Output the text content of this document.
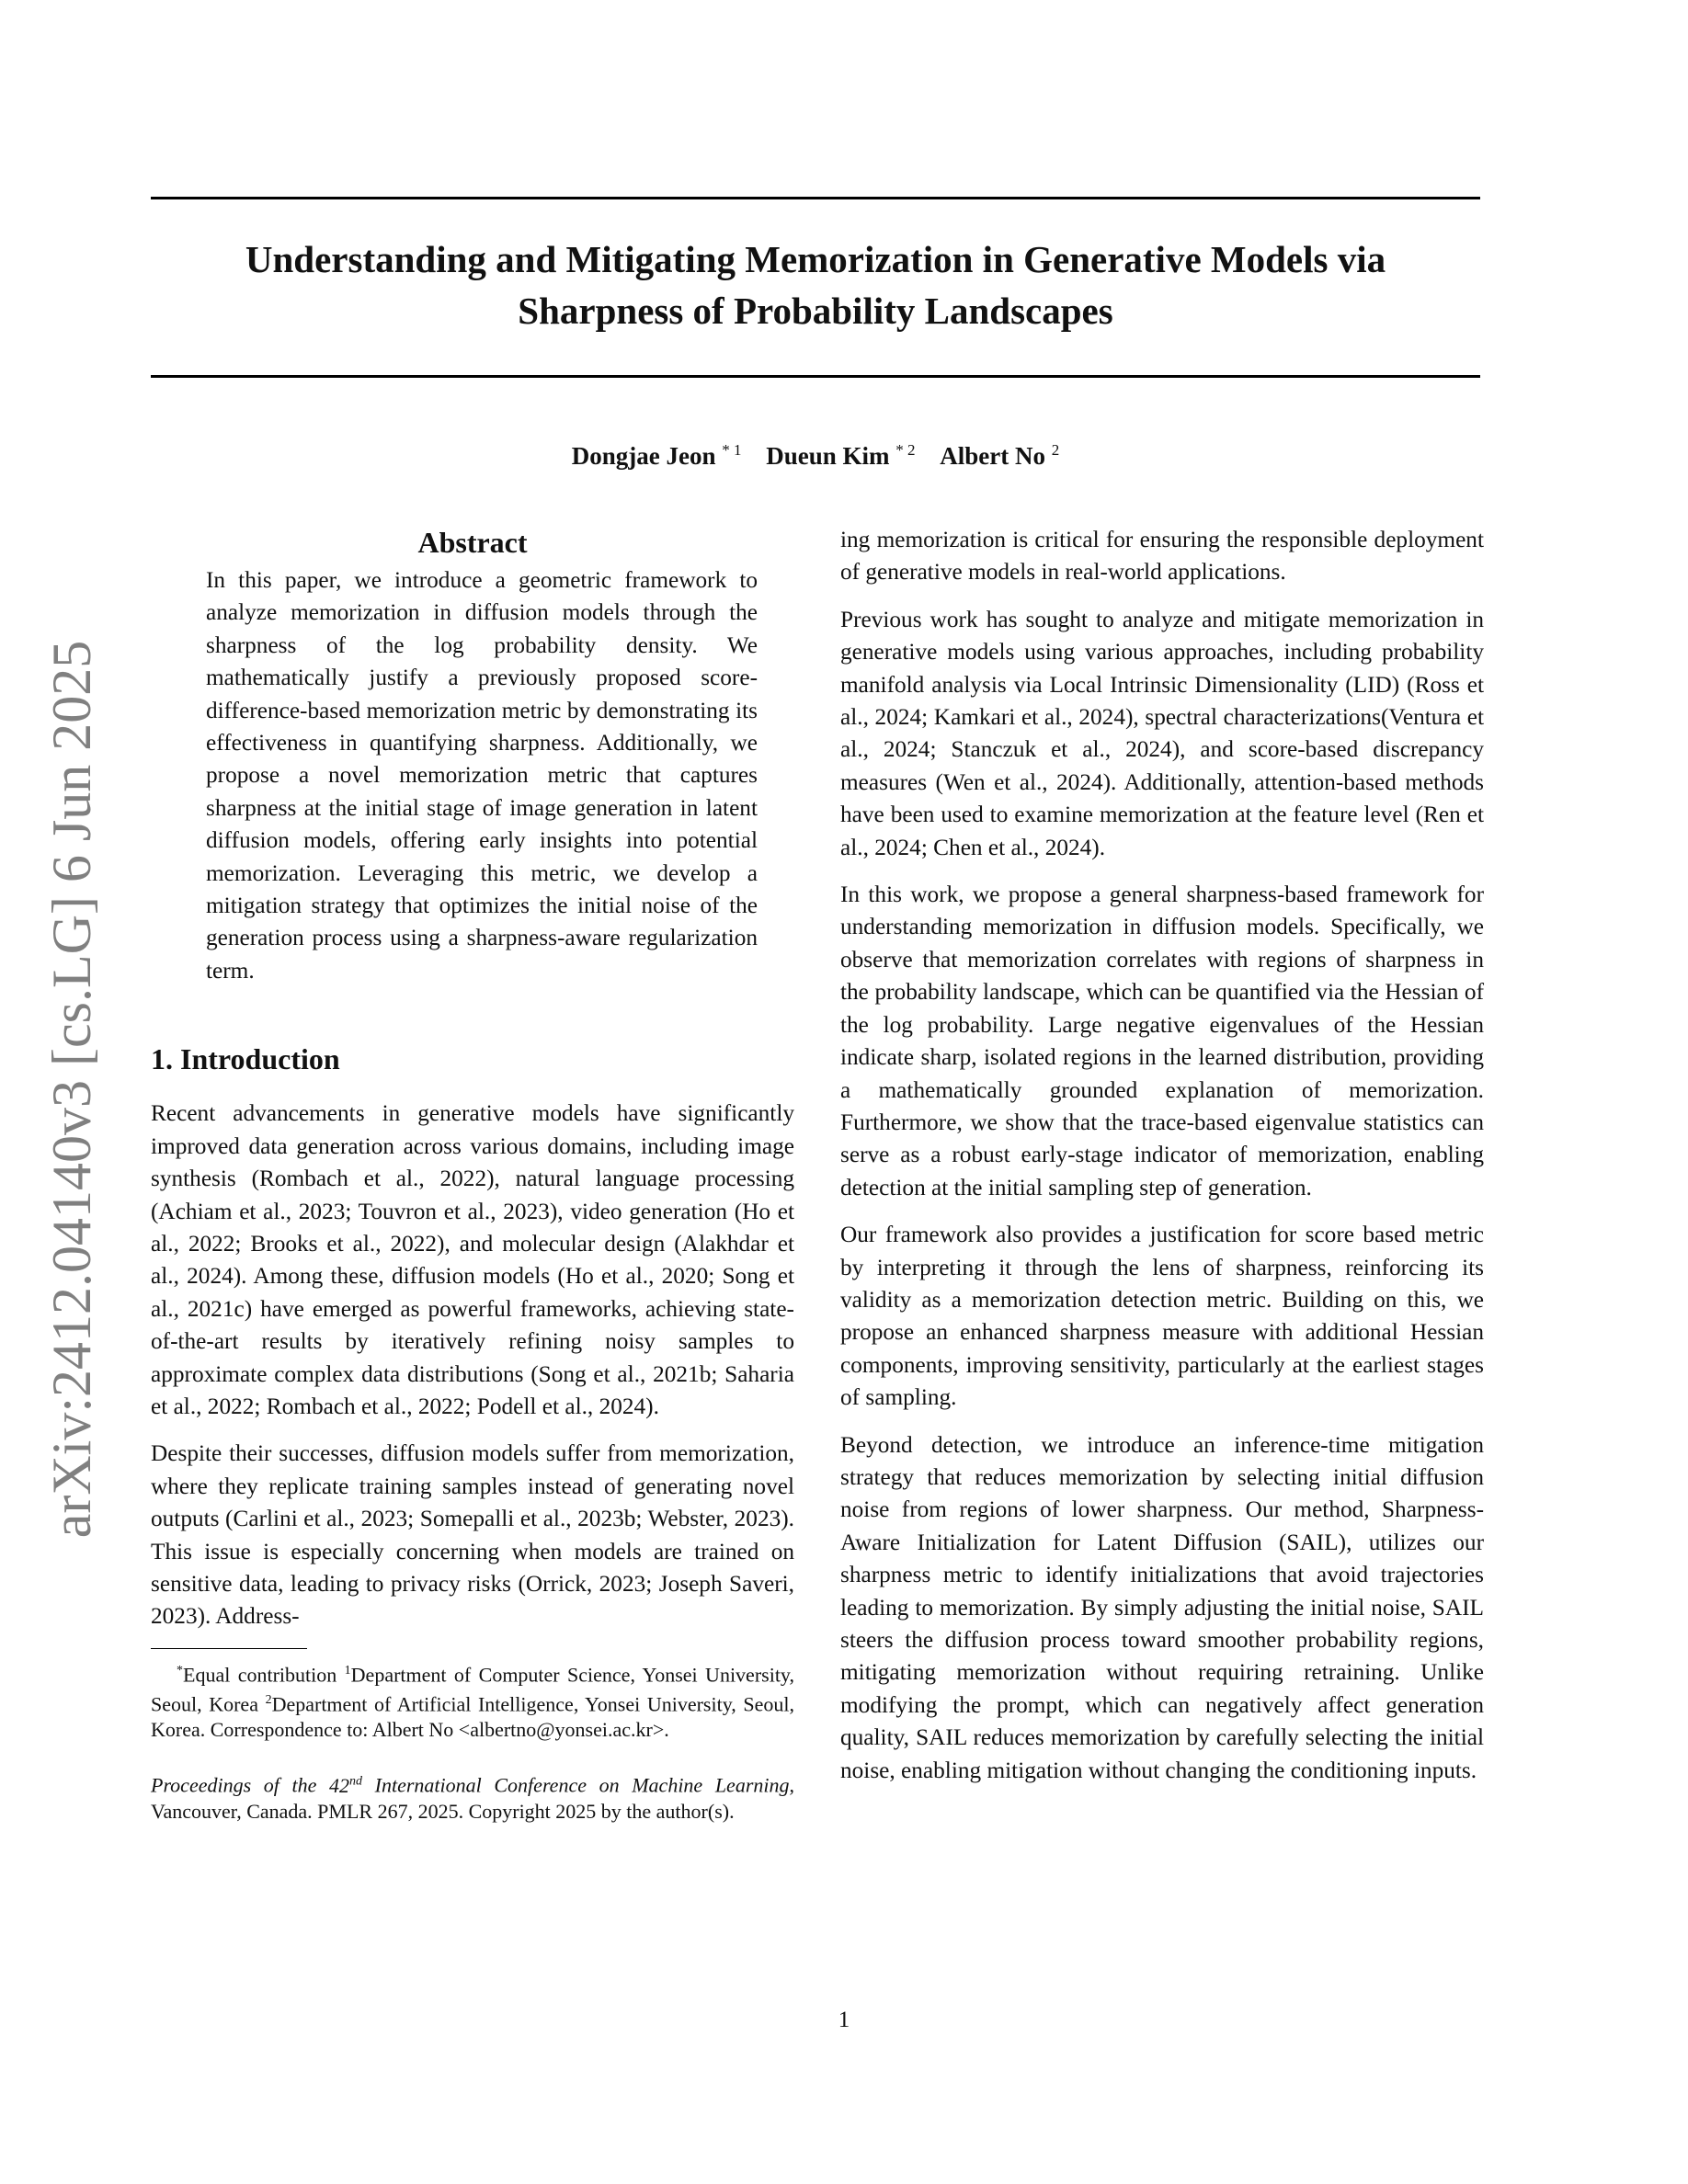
Understanding and Mitigating Memorization in Generative Models via
Sharpness of Probability Landscapes
Dongjae Jeon $^{* 1}$ Dueun Kim $^{* 2}$ Albert No $^2$
arXiv:2412.04140v3 [cs.LG] 6 Jun 2025
Abstract

In this paper, we introduce a geometric framework to analyze memorization in diffusion models through the sharpness of the log probability density. We mathematically justify a previously proposed score-difference-based memorization metric by demonstrating its effectiveness in quantifying sharpness. Additionally, we propose a novel memorization metric that captures sharpness at the initial stage of image generation in latent diffusion models, offering early insights into potential memorization. Leveraging this metric, we develop a mitigation strategy that optimizes the initial noise of the generation process using a sharpness-aware regularization term.

1. Introduction

Recent advancements in generative models have significantly improved data generation across various domains, including image synthesis (Rombach et al., 2022), natural language processing (Achiam et al., 2023; Touvron et al., 2023), video generation (Ho et al., 2022; Brooks et al., 2022), and molecular design (Alakhdar et al., 2024). Among these, diffusion models (Ho et al., 2020; Song et al., 2021c) have emerged as powerful frameworks, achieving state-of-the-art results by iteratively refining noisy samples to approximate complex data distributions (Song et al., 2021b; Saharia et al., 2022; Rombach et al., 2022; Podell et al., 2024).

Despite their successes, diffusion models suffer from memorization, where they replicate training samples instead of generating novel outputs (Carlini et al., 2023; Somepalli et al., 2023b; Webster, 2023). This issue is especially concerning when models are trained on sensitive data, leading to privacy risks (Orrick, 2023; Joseph Saveri, 2023). Address-

*Equal contribution $^1$Department of Computer Science, Yonsei University, Seoul, Korea $^2$Department of Artificial Intelligence, Yonsei University, Seoul, Korea. Correspondence to: Albert No <albertno@yonsei.ac.kr>.

Proceedings of the 42nd International Conference on Machine Learning, Vancouver, Canada. PMLR 267, 2025. Copyright 2025 by the author(s).

ing memorization is critical for ensuring the responsible deployment of generative models in real-world applications.

Previous work has sought to analyze and mitigate memorization in generative models using various approaches, including probability manifold analysis via Local Intrinsic Dimensionality (LID) (Ross et al., 2024; Kamkari et al., 2024), spectral characterizations(Ventura et al., 2024; Stanczuk et al., 2024), and score-based discrepancy measures (Wen et al., 2024). Additionally, attention-based methods have been used to examine memorization at the feature level (Ren et al., 2024; Chen et al., 2024).

In this work, we propose a general sharpness-based framework for understanding memorization in diffusion models. Specifically, we observe that memorization correlates with regions of sharpness in the probability landscape, which can be quantified via the Hessian of the log probability. Large negative eigenvalues of the Hessian indicate sharp, isolated regions in the learned distribution, providing a mathematically grounded explanation of memorization. Furthermore, we show that the trace-based eigenvalue statistics can serve as a robust early-stage indicator of memorization, enabling detection at the initial sampling step of generation.

Our framework also provides a justification for score based metric by interpreting it through the lens of sharpness, reinforcing its validity as a memorization detection metric. Building on this, we propose an enhanced sharpness measure with additional Hessian components, improving sensitivity, particularly at the earliest stages of sampling.

Beyond detection, we introduce an inference-time mitigation strategy that reduces memorization by selecting initial diffusion noise from regions of lower sharpness. Our method, Sharpness-Aware Initialization for Latent Diffusion (SAIL), utilizes our sharpness metric to identify initializations that avoid trajectories leading to memorization. By simply adjusting the initial noise, SAIL steers the diffusion process toward smoother probability regions, mitigating memorization without requiring retraining. Unlike modifying the prompt, which can negatively affect generation quality, SAIL reduces memorization by carefully selecting the initial noise, enabling mitigation without changing the conditioning inputs.

1
